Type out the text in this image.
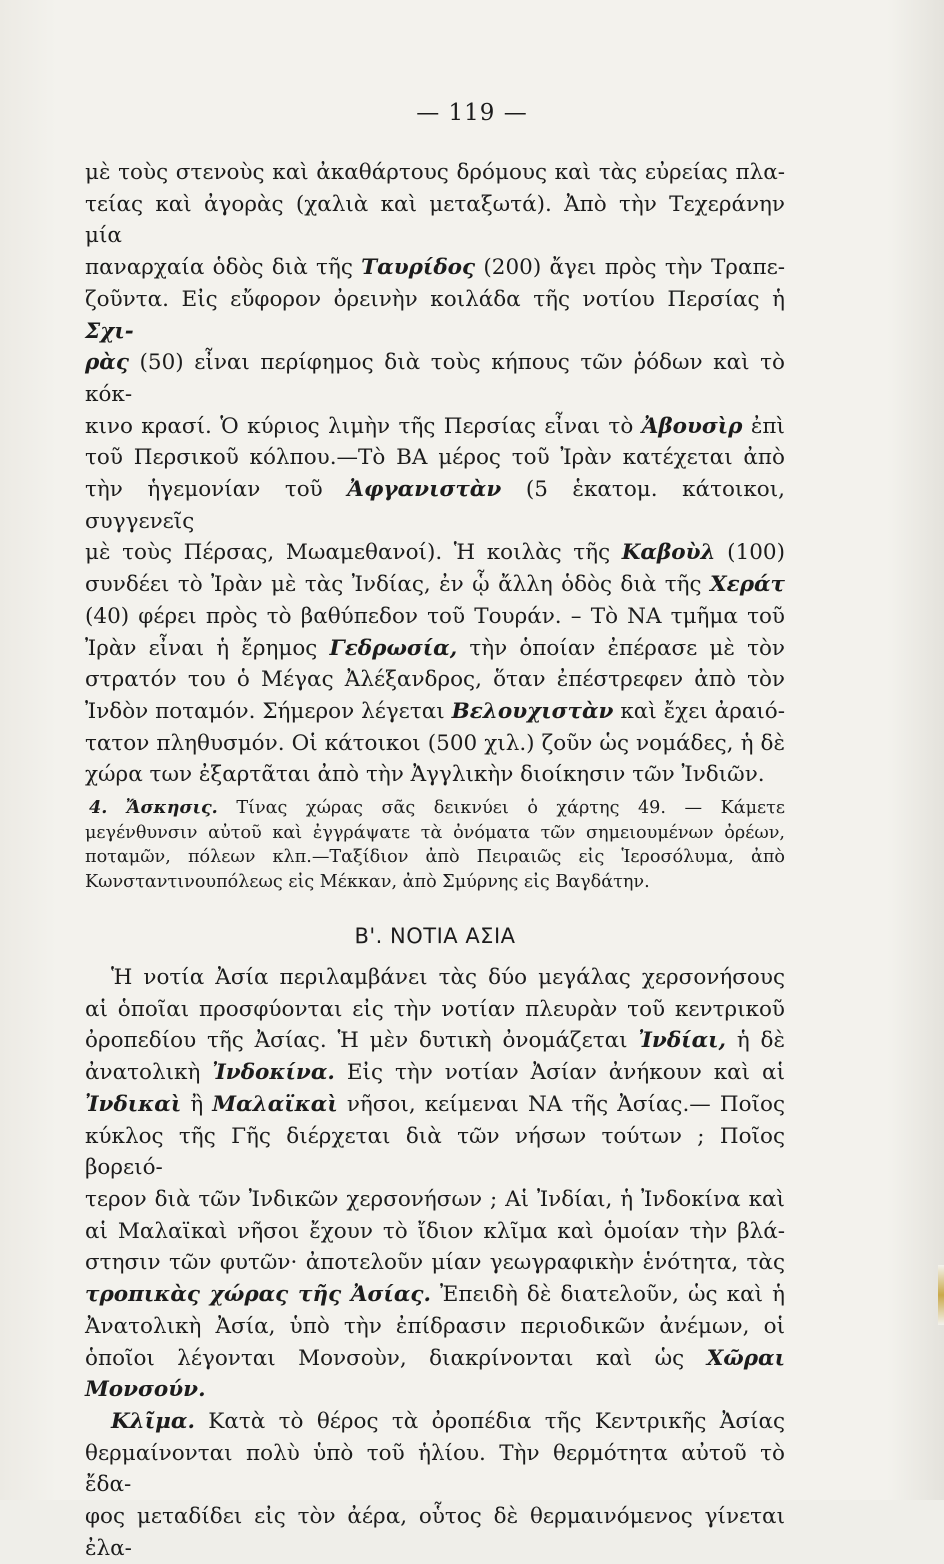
— 119 —

μὲ τοὺς στενοὺς καὶ ἀκαθάρτους δρόμους καὶ τὰς εὐρείας πλα-

τείας καὶ ἀγορὰς (χαλιὰ καὶ μεταξωτά). Ἀπὸ τὴν Τεχεράνην μία

παναρχαία ὁδὸς διὰ τῆς Ταυρίδος (200) ἄγει πρὸς τὴν Τραπε-

ζοῦντα. Εἰς εὔφορον ὀρεινὴν κοιλάδα τῆς νοτίου Περσίας ἡ Σχι-

ρὰς (50) εἶναι περίφημος διὰ τοὺς κήπους τῶν ῥόδων καὶ τὸ κόκ-

κινο κρασί. Ὁ κύριος λιμὴν τῆς Περσίας εἶναι τὸ Ἀβουσὶρ ἐπὶ

τοῦ Περσικοῦ κόλπου.—Τὸ ΒΑ μέρος τοῦ Ἰρὰν κατέχεται ἀπὸ

τὴν ἡγεμονίαν τοῦ Ἀφγανιστὰν (5 ἑκατομ. κάτοικοι, συγγενεῖς

μὲ τοὺς Πέρσας, Μωαμεθανοί). Ἡ κοιλὰς τῆς Καβοὺλ (100)

συνδέει τὸ Ἰρὰν μὲ τὰς Ἰνδίας, ἐν ᾧ ἄλλη ὁδὸς διὰ τῆς Χεράτ

(40) φέρει πρὸς τὸ βαθύπεδον τοῦ Τουράν. – Τὸ ΝΑ τμῆμα τοῦ

Ἰρὰν εἶναι ἡ ἔρημος Γεδρωσία, τὴν ὁποίαν ἐπέρασε μὲ τὸν

στρατόν του ὁ Μέγας Ἀλέξανδρος, ὅταν ἐπέστρεφεν ἀπὸ τὸν

Ἰνδὸν ποταμόν. Σήμερον λέγεται Βελουχιστὰν καὶ ἔχει ἀραιό-

τατον πληθυσμόν. Οἱ κάτοικοι (500 χιλ.) ζοῦν ὡς νομάδες, ἡ δὲ

χώρα των ἐξαρτᾶται ἀπὸ τὴν Ἀγγλικὴν διοίκησιν τῶν Ἰνδιῶν.

4. Ἄσκησις. Τίνας χώρας σᾶς δεικνύει ὁ χάρτης 49. — Κάμετε

μεγένθυνσιν αὐτοῦ καὶ ἐγγράψατε τὰ ὀνόματα τῶν σημειουμένων ὀρέων,

ποταμῶν, πόλεων κλπ.—Ταξίδιον ἀπὸ Πειραιῶς εἰς Ἱεροσόλυμα, ἀπὸ

Κωνσταντινουπόλεως εἰς Μέκκαν, ἀπὸ Σμύρνης εἰς Βαγδάτην.

Β'. ΝΟΤΙΑ ΑΣΙΑ

Ἡ νοτία Ἀσία περιλαμβάνει τὰς δύο μεγάλας χερσονήσους

αἱ ὁποῖαι προσφύονται εἰς τὴν νοτίαν πλευρὰν τοῦ κεντρικοῦ

ὀροπεδίου τῆς Ἀσίας. Ἡ μὲν δυτικὴ ὀνομάζεται Ἰνδίαι, ἡ δὲ

ἀνατολικὴ Ἰνδοκίνα. Εἰς τὴν νοτίαν Ἀσίαν ἀνήκουν καὶ αἱ

Ἰνδικαὶ ἢ Μαλαϊκαὶ νῆσοι, κείμεναι ΝΑ τῆς Ἀσίας.— Ποῖος

κύκλος τῆς Γῆς διέρχεται διὰ τῶν νήσων τούτων ; Ποῖος βορειό-

τερον διὰ τῶν Ἰνδικῶν χερσονήσων ; Αἱ Ἰνδίαι, ἡ Ἰνδοκίνα καὶ

αἱ Μαλαϊκαὶ νῆσοι ἔχουν τὸ ἴδιον κλῖμα καὶ ὁμοίαν τὴν βλά-

στησιν τῶν φυτῶν· ἀποτελοῦν μίαν γεωγραφικὴν ἑνότητα, τὰς

τροπικὰς χώρας τῆς Ἀσίας. Ἐπειδὴ δὲ διατελοῦν, ὡς καὶ ἡ

Ἀνατολικὴ Ἀσία, ὑπὸ τὴν ἐπίδρασιν περιοδικῶν ἀνέμων, οἱ

ὁποῖοι λέγονται Μονσοὺν, διακρίνονται καὶ ὡς Χῶραι Μονσούν.

Κλῖμα. Κατὰ τὸ θέρος τὰ ὀροπέδια τῆς Κεντρικῆς Ἀσίας

θερμαίνονται πολὺ ὑπὸ τοῦ ἡλίου. Τὴν θερμότητα αὐτοῦ τὸ ἔδα-

φος μεταδίδει εἰς τὸν ἀέρα, οὗτος δὲ θερμαινόμενος γίνεται ἐλα-
